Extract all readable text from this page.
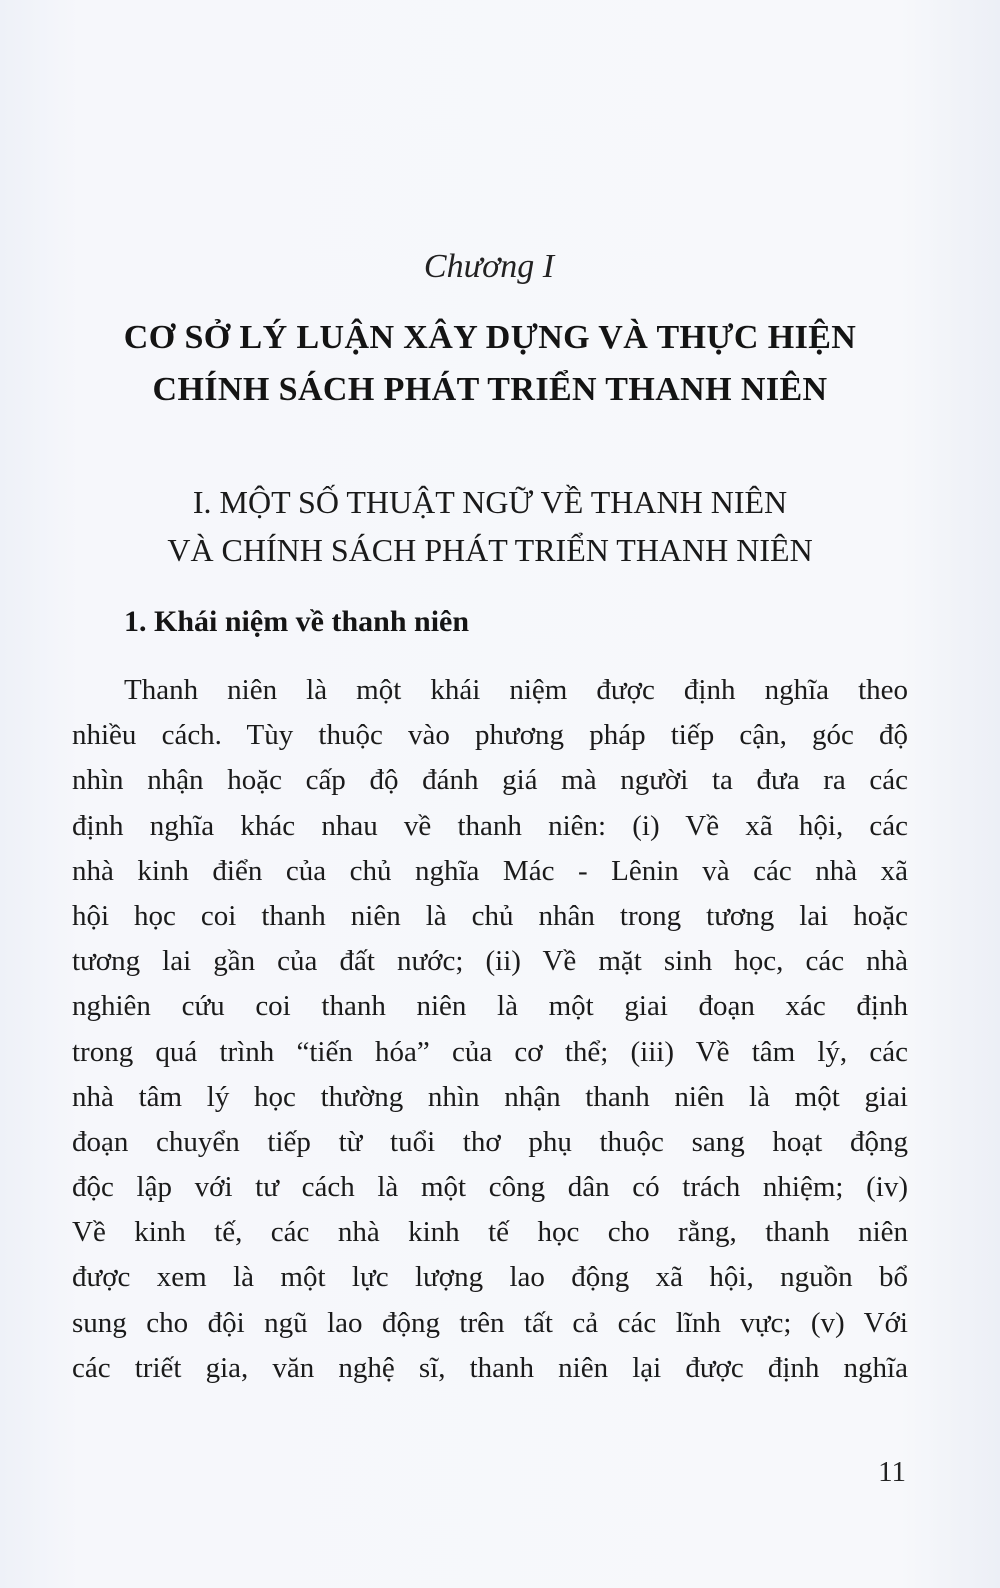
Chương I
CƠ SỞ LÝ LUẬN XÂY DỰNG VÀ THỰC HIỆN
CHÍNH SÁCH PHÁT TRIỂN THANH NIÊN
I. MỘT SỐ THUẬT NGỮ VỀ THANH NIÊN
VÀ CHÍNH SÁCH PHÁT TRIỂN THANH NIÊN
1. Khái niệm về thanh niên
Thanh niên là một khái niệm được định nghĩa theo
nhiều cách. Tùy thuộc vào phương pháp tiếp cận, góc độ
nhìn nhận hoặc cấp độ đánh giá mà người ta đưa ra các
định nghĩa khác nhau về thanh niên: (i) Về xã hội, các
nhà kinh điển của chủ nghĩa Mác - Lênin và các nhà xã
hội học coi thanh niên là chủ nhân trong tương lai hoặc
tương lai gần của đất nước; (ii) Về mặt sinh học, các nhà
nghiên cứu coi thanh niên là một giai đoạn xác định
trong quá trình “tiến hóa” của cơ thể; (iii) Về tâm lý, các
nhà tâm lý học thường nhìn nhận thanh niên là một giai
đoạn chuyển tiếp từ tuổi thơ phụ thuộc sang hoạt động
độc lập với tư cách là một công dân có trách nhiệm; (iv)
Về kinh tế, các nhà kinh tế học cho rằng, thanh niên
được xem là một lực lượng lao động xã hội, nguồn bổ
sung cho đội ngũ lao động trên tất cả các lĩnh vực; (v) Với
các triết gia, văn nghệ sĩ, thanh niên lại được định nghĩa
11
